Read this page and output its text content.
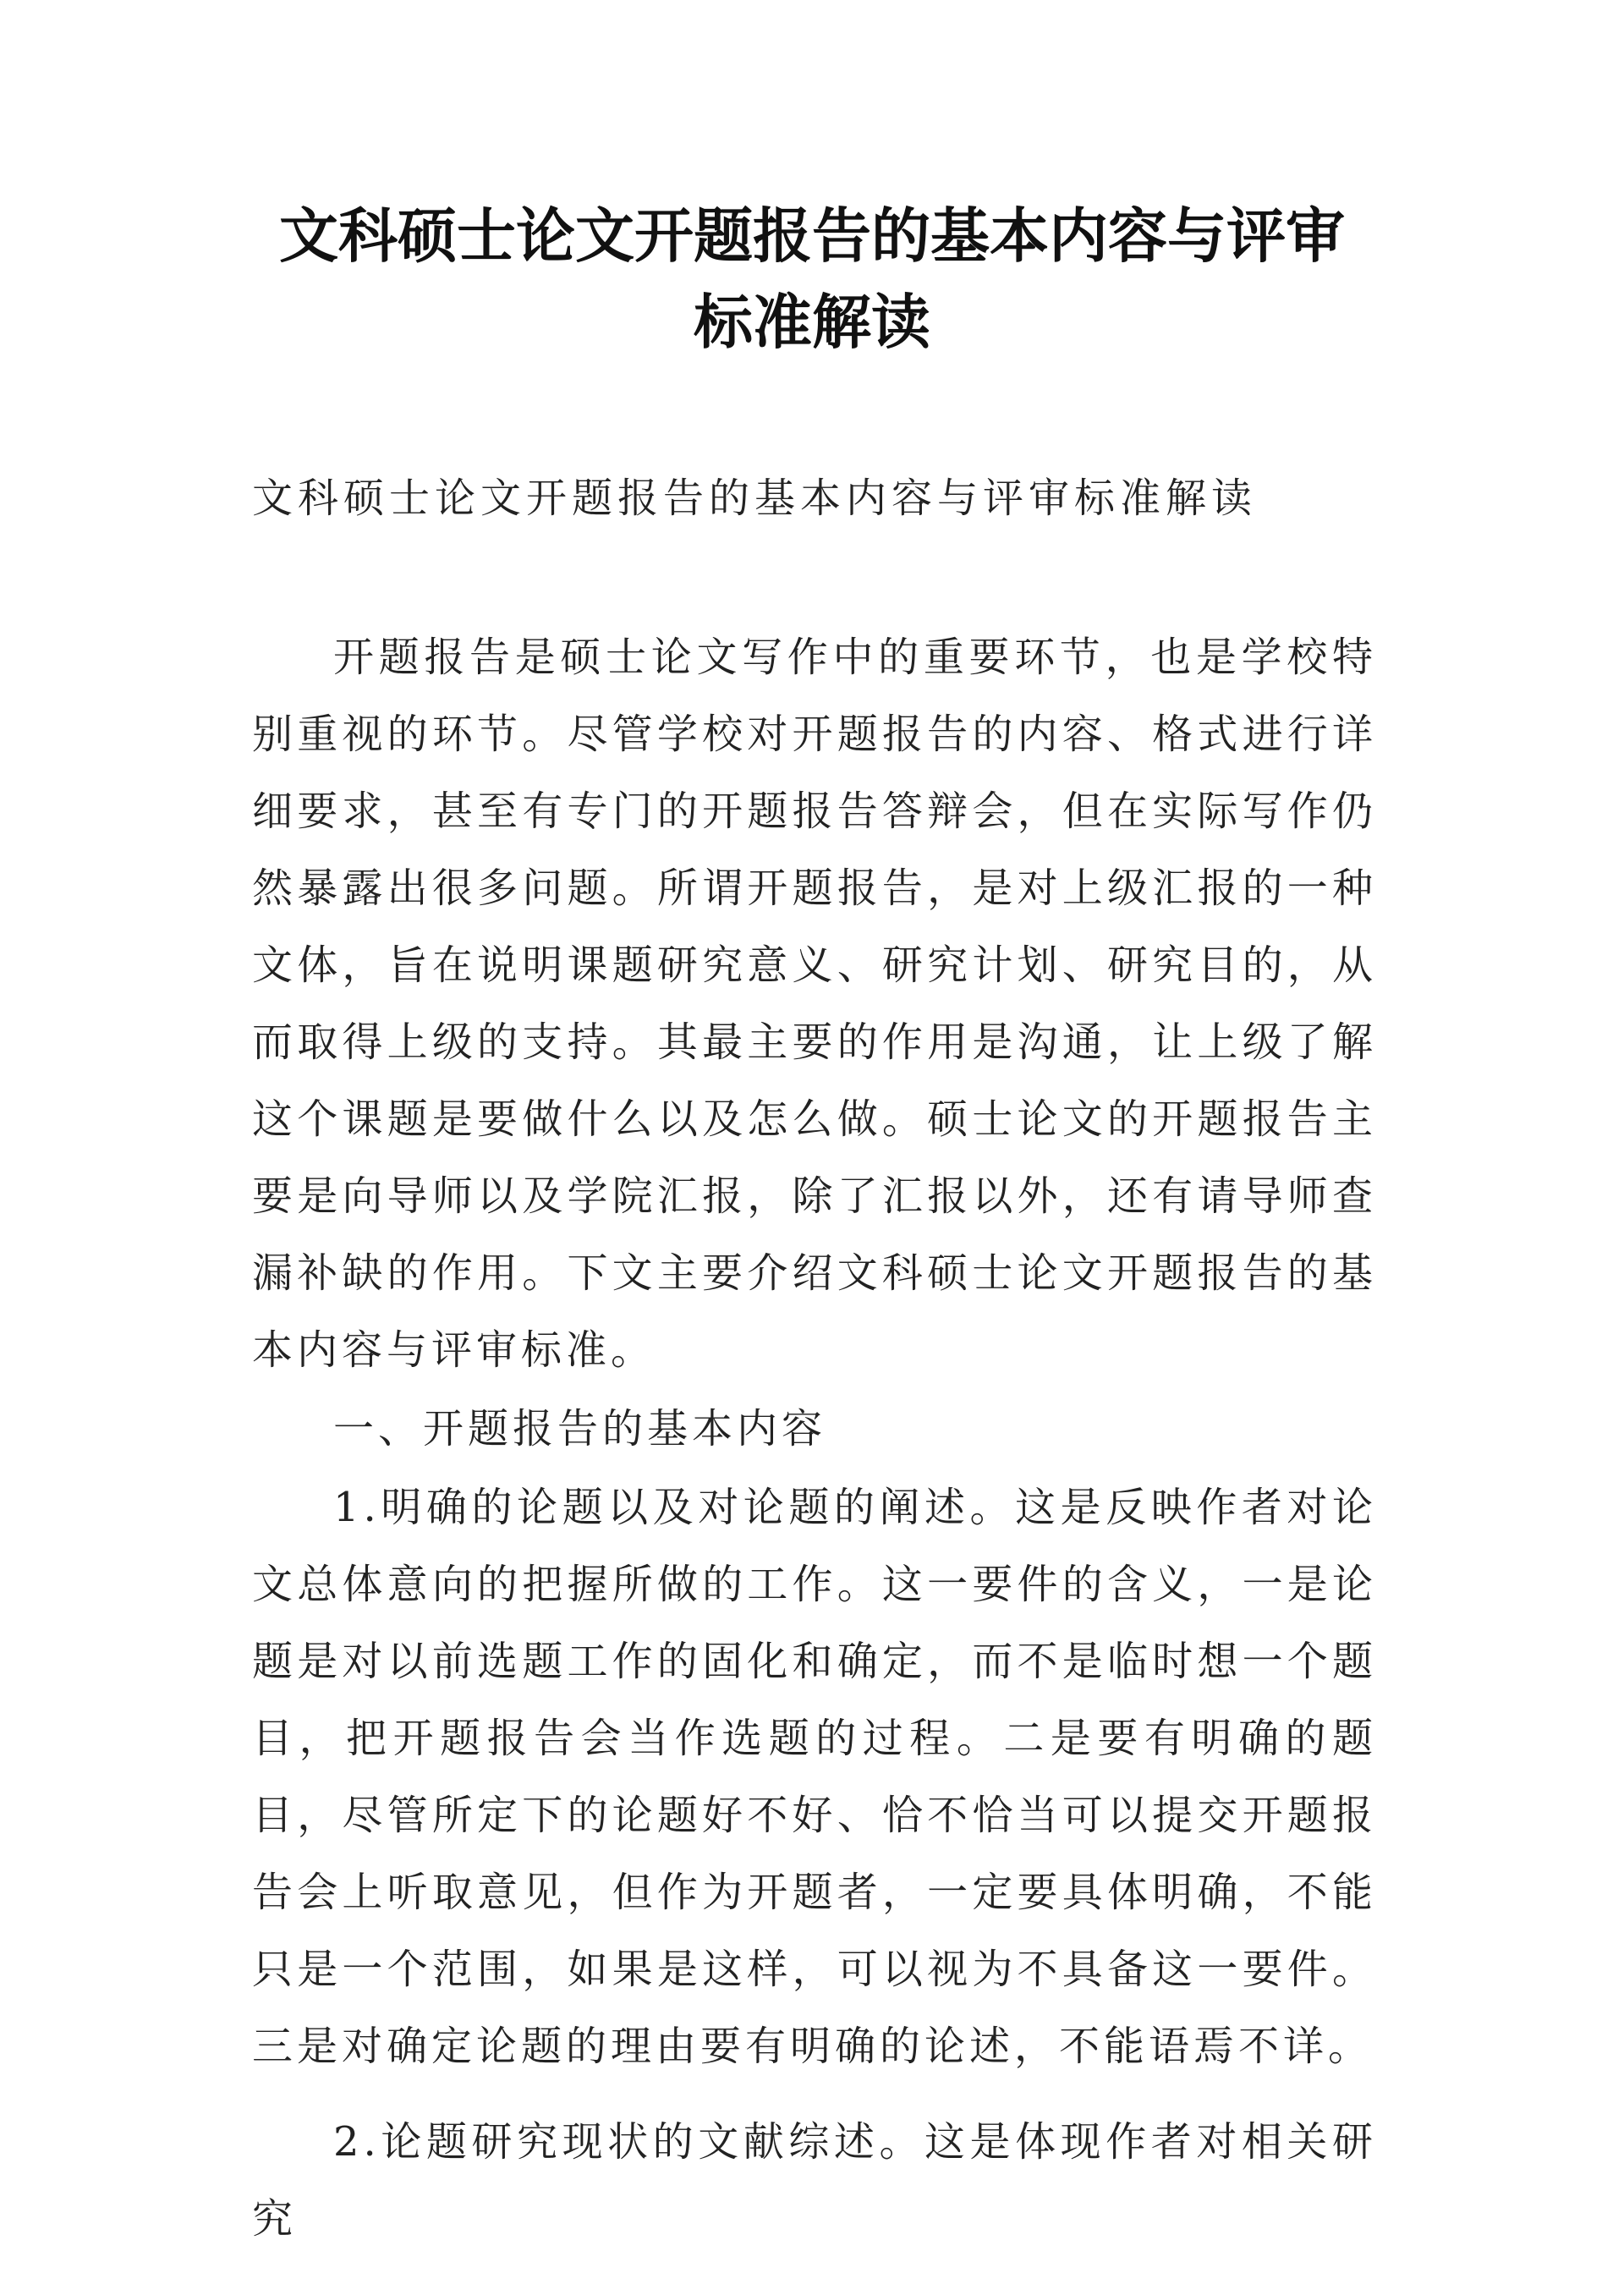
文科硕士论文开题报告的基本内容与评审
标准解读

文科硕士论文开题报告的基本内容与评审标准解读

开题报告是硕士论文写作中的重要环节，也是学校特别重视的环节。尽管学校对开题报告的内容、格式进行详细要求，甚至有专门的开题报告答辩会，但在实际写作仍然暴露出很多问题。所谓开题报告，是对上级汇报的一种文体，旨在说明课题研究意义、研究计划、研究目的，从而取得上级的支持。其最主要的作用是沟通，让上级了解这个课题是要做什么以及怎么做。硕士论文的开题报告主要是向导师以及学院汇报，除了汇报以外，还有请导师查漏补缺的作用。下文主要介绍文科硕士论文开题报告的基本内容与评审标准。

一、开题报告的基本内容

1.明确的论题以及对论题的阐述。这是反映作者对论文总体意向的把握所做的工作。这一要件的含义，一是论题是对以前选题工作的固化和确定，而不是临时想一个题目，把开题报告会当作选题的过程。二是要有明确的题目，尽管所定下的论题好不好、恰不恰当可以提交开题报告会上听取意见，但作为开题者，一定要具体明确，不能只是一个范围，如果是这样，可以视为不具备这一要件。三是对确定论题的理由要有明确的论述，不能语焉不详。

2.论题研究现状的文献综述。这是体现作者对相关研究
